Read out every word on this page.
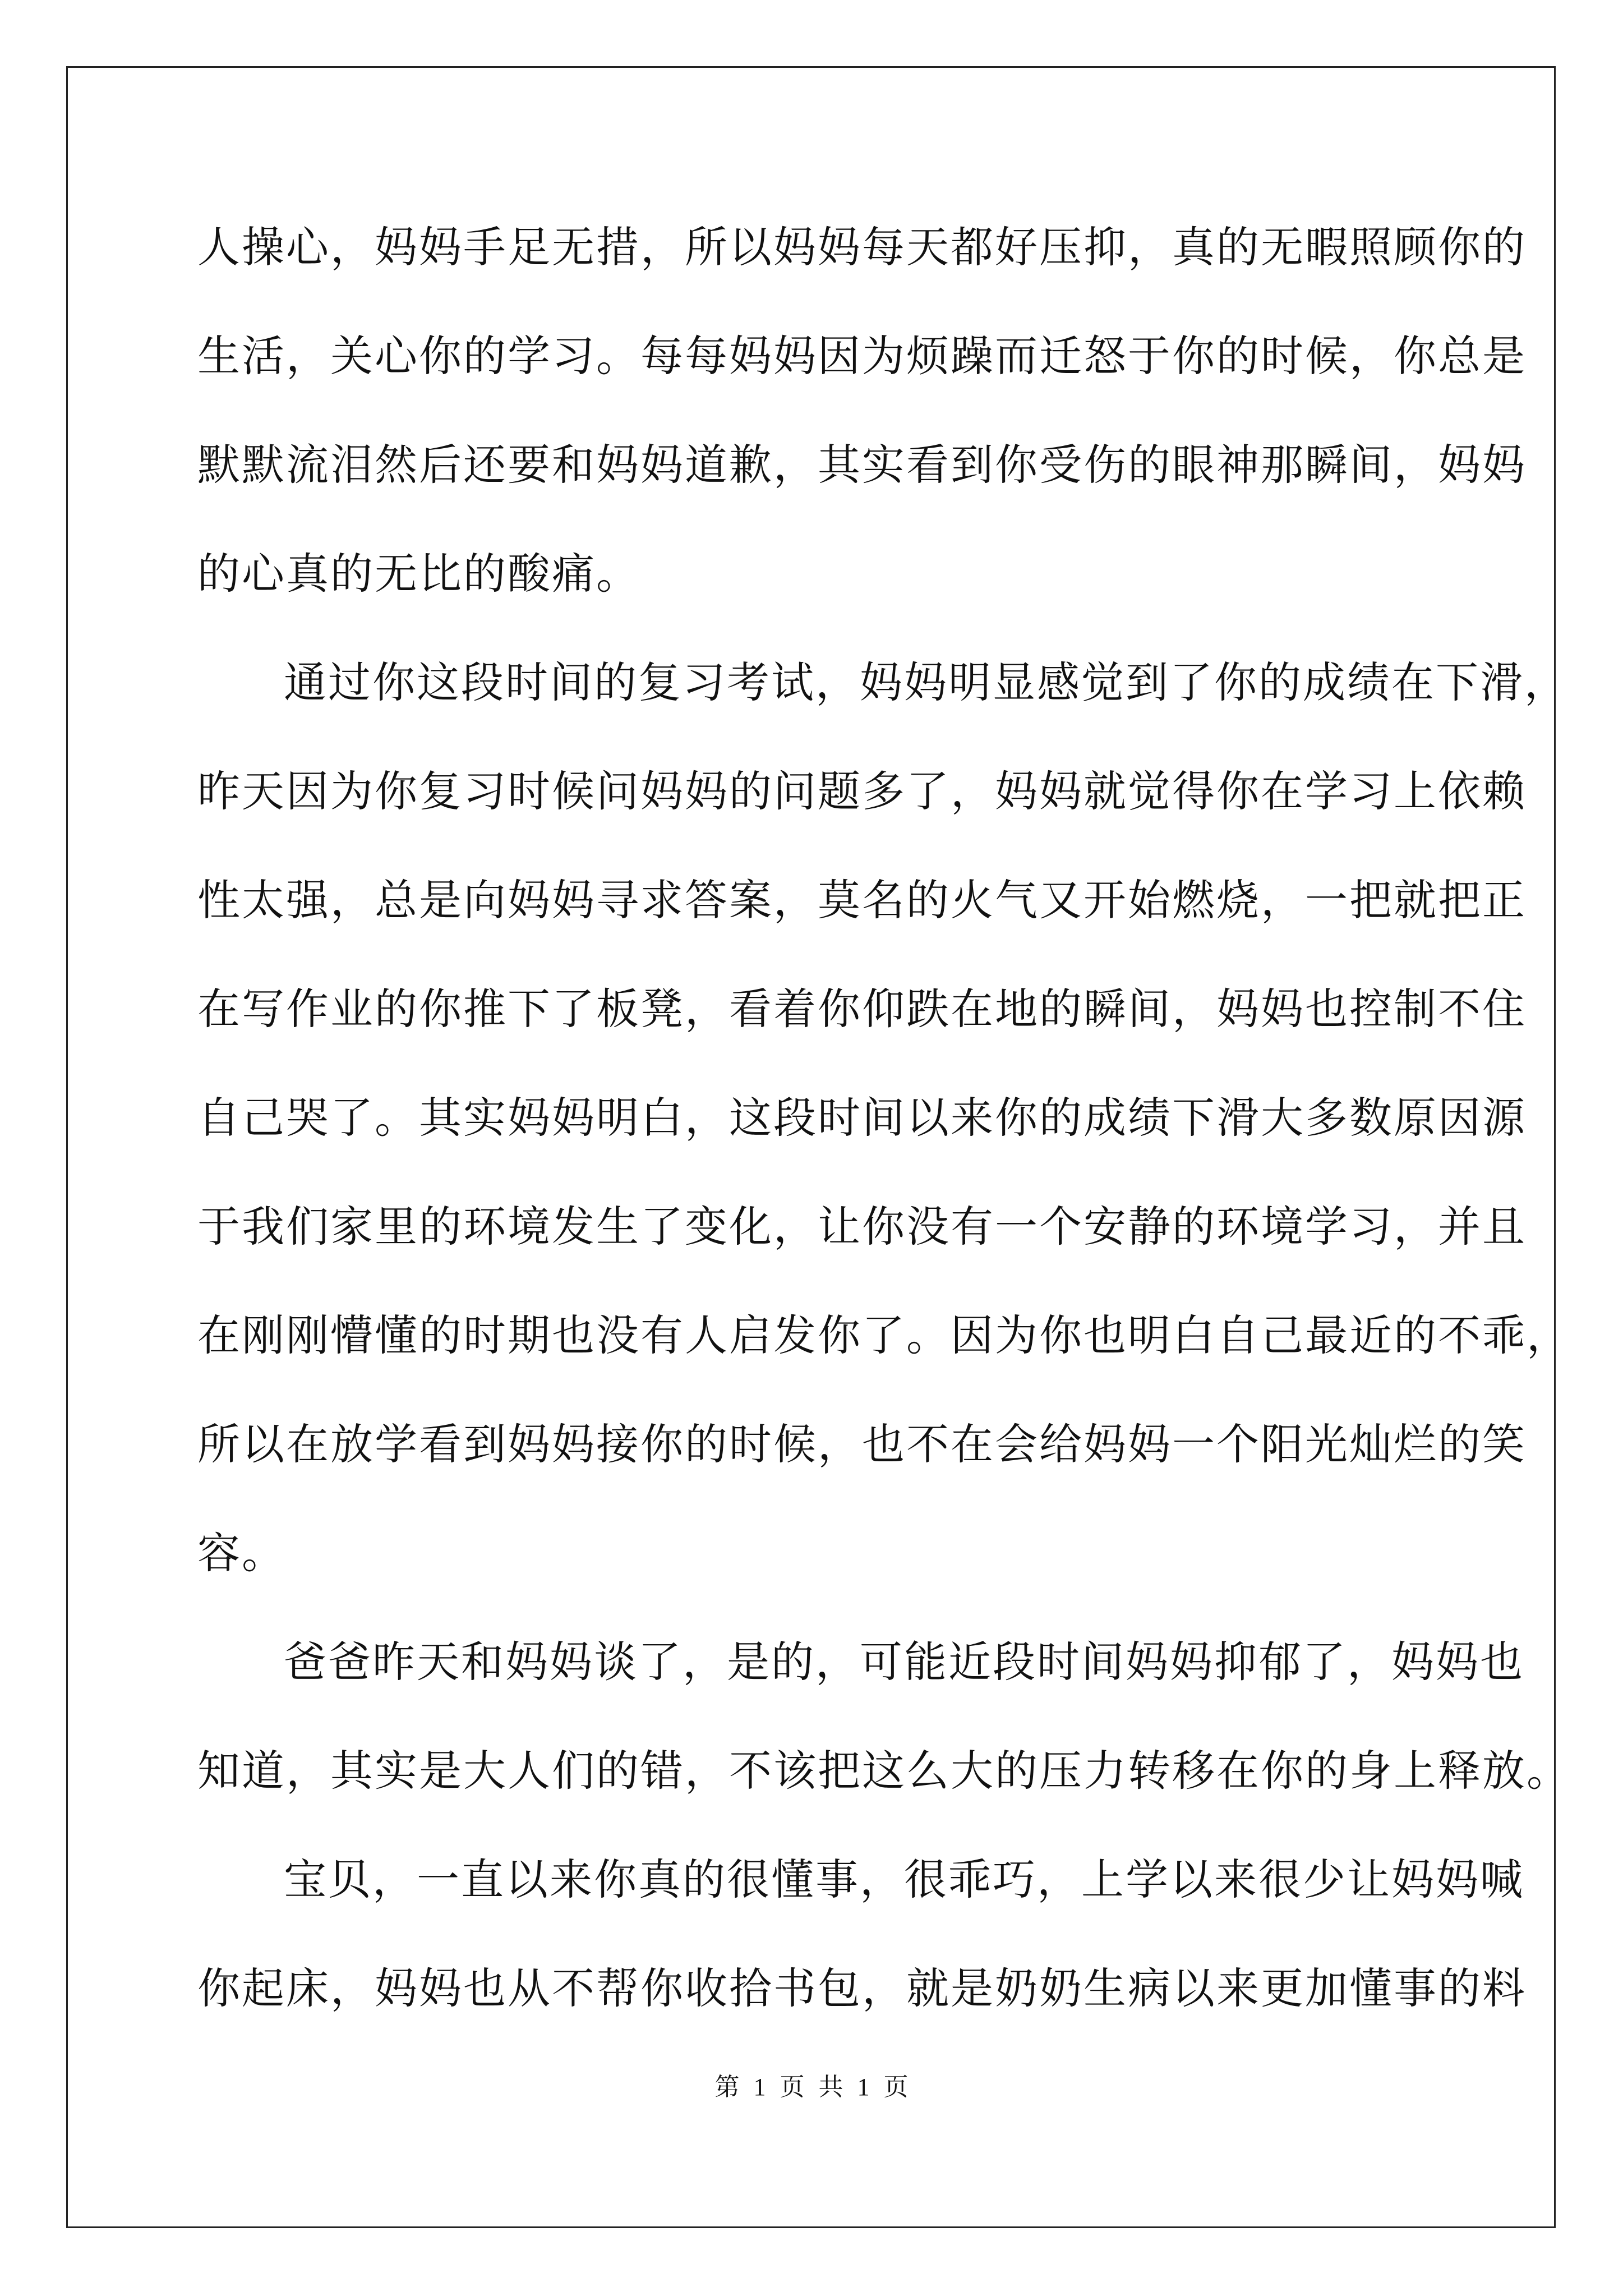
人操心，妈妈手足无措，所以妈妈每天都好压抑，真的无暇照顾你的
生活，关心你的学习。每每妈妈因为烦躁而迁怒于你的时候，你总是
默默流泪然后还要和妈妈道歉，其实看到你受伤的眼神那瞬间，妈妈
的心真的无比的酸痛。
通过你这段时间的复习考试，妈妈明显感觉到了你的成绩在下滑，
昨天因为你复习时候问妈妈的问题多了，妈妈就觉得你在学习上依赖
性太强，总是向妈妈寻求答案，莫名的火气又开始燃烧，一把就把正
在写作业的你推下了板凳，看着你仰跌在地的瞬间，妈妈也控制不住
自己哭了。其实妈妈明白，这段时间以来你的成绩下滑大多数原因源
于我们家里的环境发生了变化，让你没有一个安静的环境学习，并且
在刚刚懵懂的时期也没有人启发你了。因为你也明白自己最近的不乖，
所以在放学看到妈妈接你的时候，也不在会给妈妈一个阳光灿烂的笑
容。
爸爸昨天和妈妈谈了，是的，可能近段时间妈妈抑郁了，妈妈也
知道，其实是大人们的错，不该把这么大的压力转移在你的身上释放。
宝贝，一直以来你真的很懂事，很乖巧，上学以来很少让妈妈喊
你起床，妈妈也从不帮你收拾书包，就是奶奶生病以来更加懂事的料
第 1 页 共 1 页
